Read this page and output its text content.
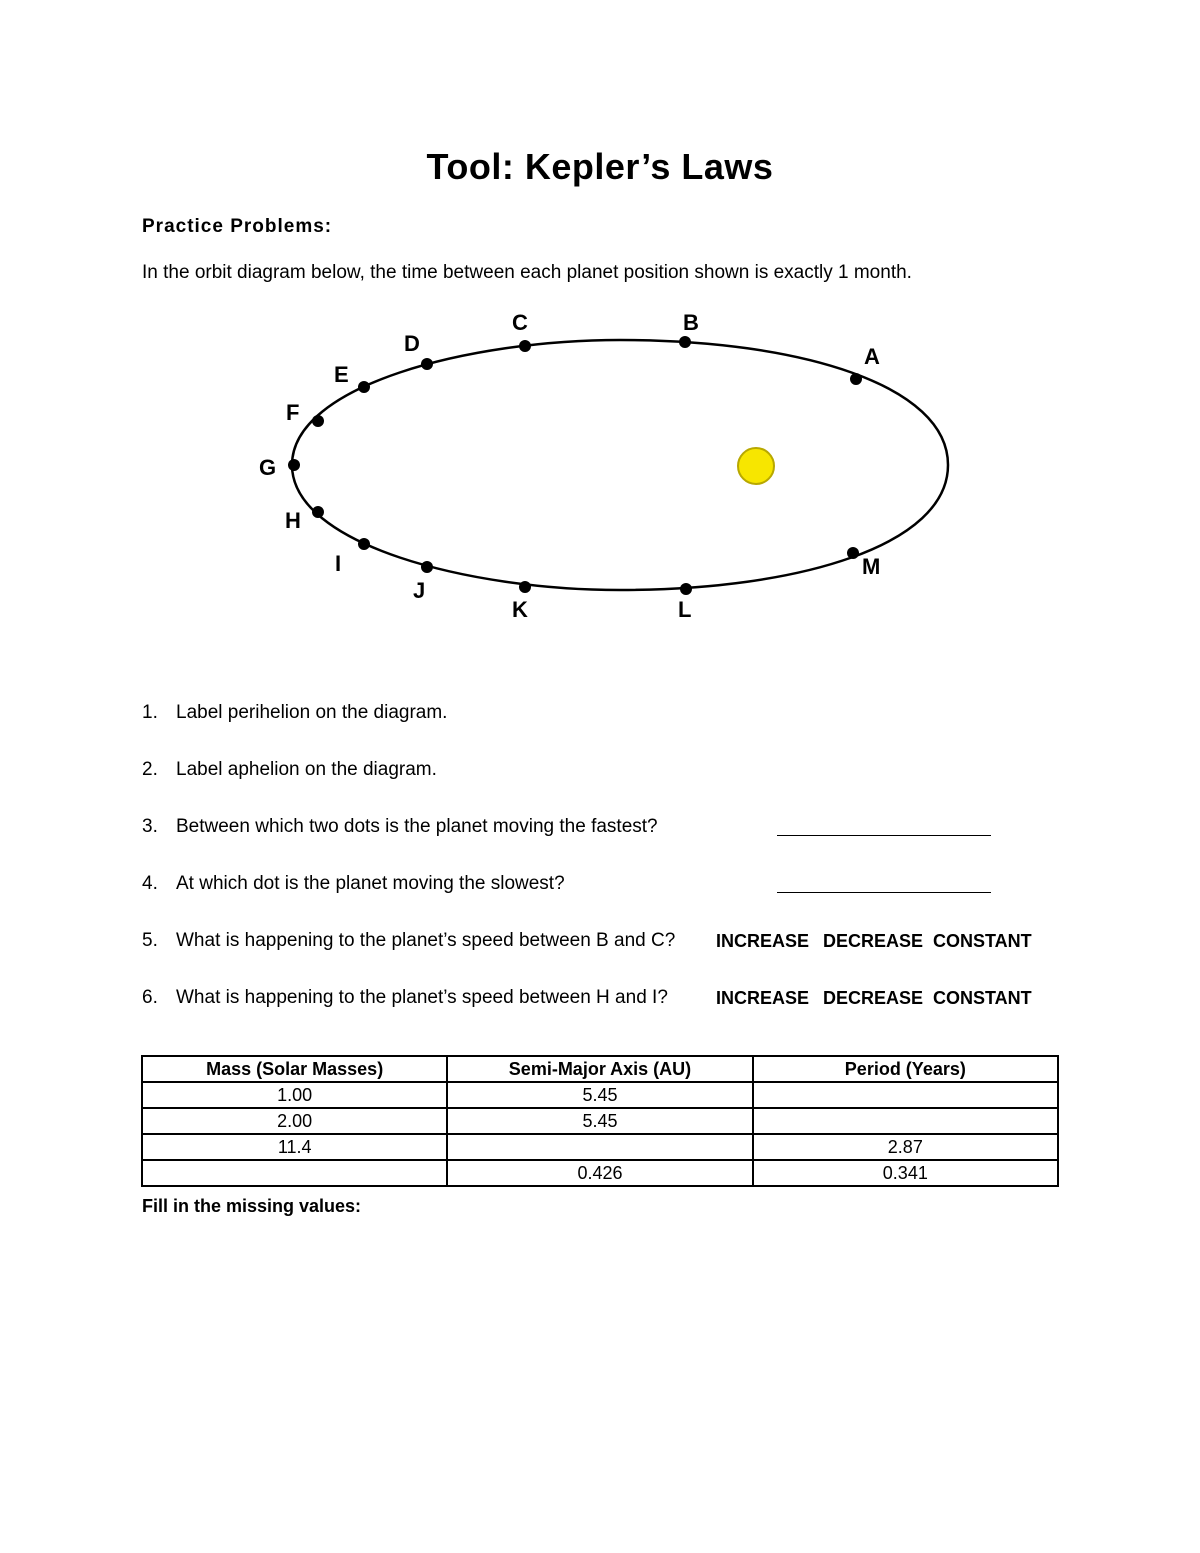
Tool: Kepler’s Laws
Practice Problems:
In the orbit diagram below, the time between each planet position shown is exactly 1 month.
A
B
C
D
E
F
G
H
I
J
K	L
M
1. Label perihelion on the diagram.
2. Label aphelion on the diagram.
3. Between which two dots is the planet moving the fastest?
4. At which dot is the planet moving the slowest?
5. What is happening to the planet’s speed between B and C? INCREASE DECREASE CONSTANT
6. What is happening to the planet’s speed between H and I?	INCREASE DECREASE CONSTANT
Mass (Solar Masses)	Semi-Major Axis (AU)	Period (Years)
1.00	5.45	
2.00	5.45	
11.4		2.87
	0.426	0.341
Fill in the missing values:
